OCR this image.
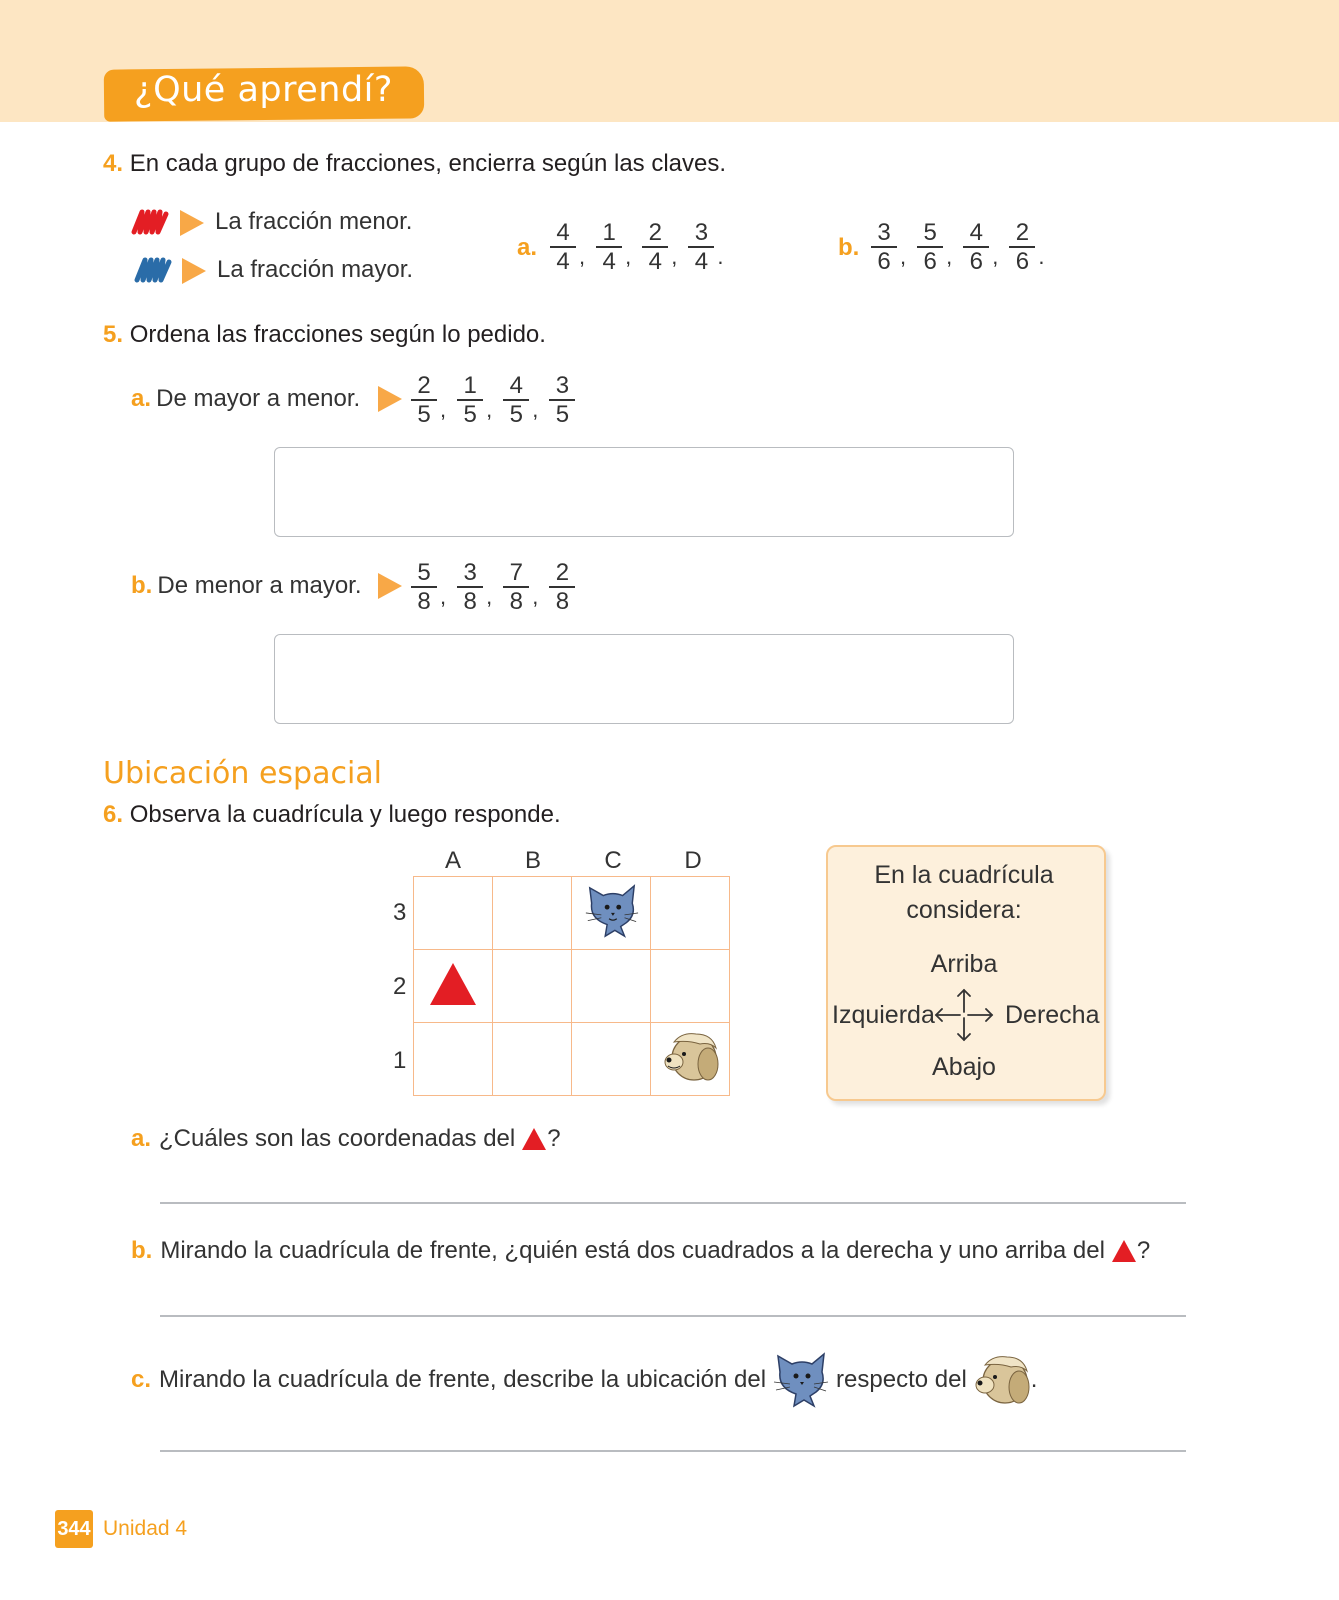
¿Qué aprendí?
4. En cada grupo de fracciones, encierra según las claves.
La fracción menor.
La fracción mayor.
a. $\frac{4}{4}$ , $\frac{1}{4}$ , $\frac{2}{4}$ , $\frac{3}{4}$ .	b. $\frac{3}{6}$ , $\frac{5}{6}$ , $\frac{4}{6}$ , $\frac{2}{6}$ .
5. Ordena las fracciones según lo pedido.
a. De mayor a menor. $\frac{2}{5}$ , $\frac{1}{5}$ , $\frac{4}{5}$ , $\frac{3}{5}$
b. De menor a mayor. $\frac{5}{8}$ , $\frac{3}{8}$ , $\frac{7}{8}$ , $\frac{2}{8}$
Ubicación espacial
6. Observa la cuadrícula y luego responde.
A	B	C	D
3
2
1

En la cuadrícula
considera:
Arriba
Izquierda	Derecha
Abajo
a. ¿Cuáles son las coordenadas del ?
b. Mirando la cuadrícula de frente, ¿quién está dos cuadrados a la derecha y uno arriba del ?
c. Mirando la cuadrícula de frente, describe la ubicación del	respecto del	.
344 Unidad 4
